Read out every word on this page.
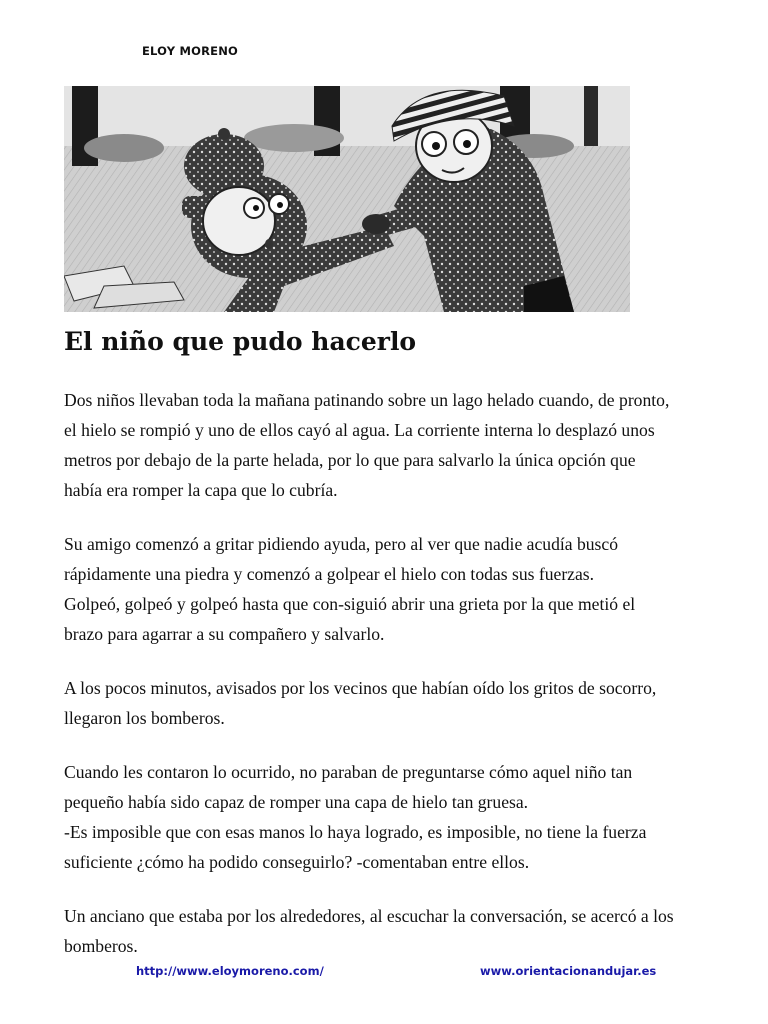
ELOY MORENO
El niño que pudo hacerlo

Dos niños llevaban toda la mañana patinando sobre un lago helado cuando, de pronto,
el hielo se rompió y uno de ellos cayó al agua. La corriente interna lo desplazó unos
metros por debajo de la parte helada, por lo que para salvarlo la única opción que
había era romper la capa que lo cubría.

Su amigo comenzó a gritar pidiendo ayuda, pero al ver que nadie acudía buscó
rápidamente una piedra y comenzó a golpear el hielo con todas sus fuerzas.
Golpeó, golpeó y golpeó hasta que con-siguió abrir una grieta por la que metió el
brazo para agarrar a su compañero y salvarlo.

A los pocos minutos, avisados por los vecinos que habían oído los gritos de socorro,
llegaron los bomberos.

Cuando les contaron lo ocurrido, no paraban de preguntarse cómo aquel niño tan
pequeño había sido capaz de romper una capa de hielo tan gruesa.
-Es imposible que con esas manos lo haya logrado, es imposible, no tiene la fuerza
suficiente ¿cómo ha podido conseguirlo? -comentaban entre ellos.

Un anciano que estaba por los alrededores, al escuchar la conversación, se acercó a los
bomberos.

http://www.eloymoreno.com/	www.orientacionandujar.es
